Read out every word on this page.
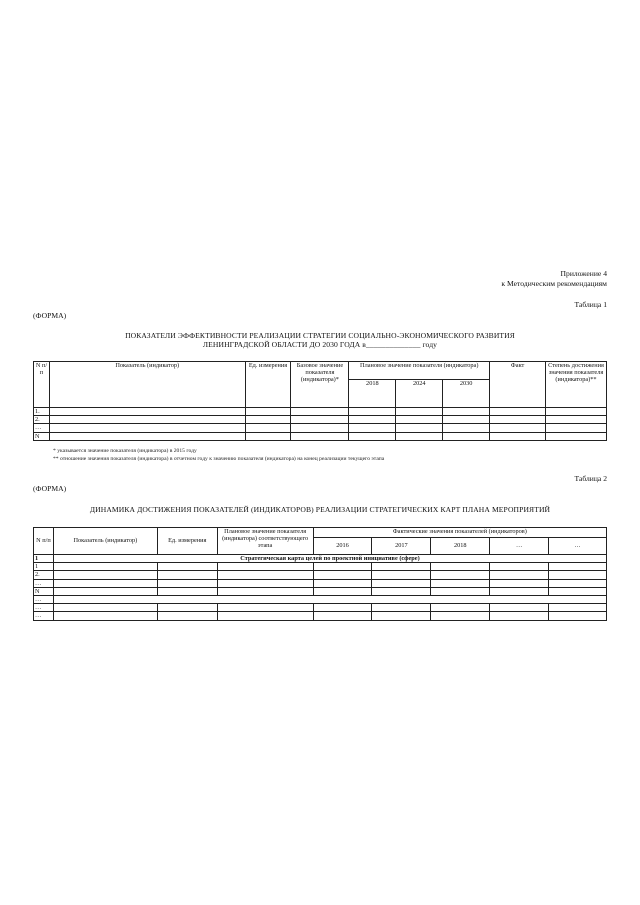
Приложение 4
к Методическим рекомендациям
Таблица 1
(ФОРМА)
ПОКАЗАТЕЛИ ЭФФЕКТИВНОСТИ РЕАЛИЗАЦИИ СТРАТЕГИИ СОЦИАЛЬНО-ЭКОНОМИЧЕСКОГО РАЗВИТИЯ
ЛЕНИНГРАДСКОЙ ОБЛАСТИ ДО 2030 ГОДА в______________ году
N п/п	Показатель (индикатор)	Ед. измерения	Базовое значение показателя (индикатора)*	Плановое значение показателя (индикатора)			Факт	Степень достижения значения показателя (индикатора)**
				2018	2024	2030		
1.								
2.								
…								
N								
* указывается значение показателя (индикатора) в 2015 году
** отношение значения показателя (индикатора) в отчетном году к значению показателя (индикатора) на конец реализации текущего этапа
Таблица 2
(ФОРМА)
ДИНАМИКА ДОСТИЖЕНИЯ ПОКАЗАТЕЛЕЙ (ИНДИКАТОРОВ) РЕАЛИЗАЦИИ СТРАТЕГИЧЕСКИХ КАРТ ПЛАНА МЕРОПРИЯТИЙ
N п/п	Показатель (индикатор)	Ед. измерения	Плановое значение показателя (индикатора) соответствующего этапа	Фактические значения показателей (индикаторов)				
				2016	2017	2018	…	…
1	Стратегическая карта целей по проектной инициативе (сфере)							
1								
2.								
…								
N								
…								
…								
…								
